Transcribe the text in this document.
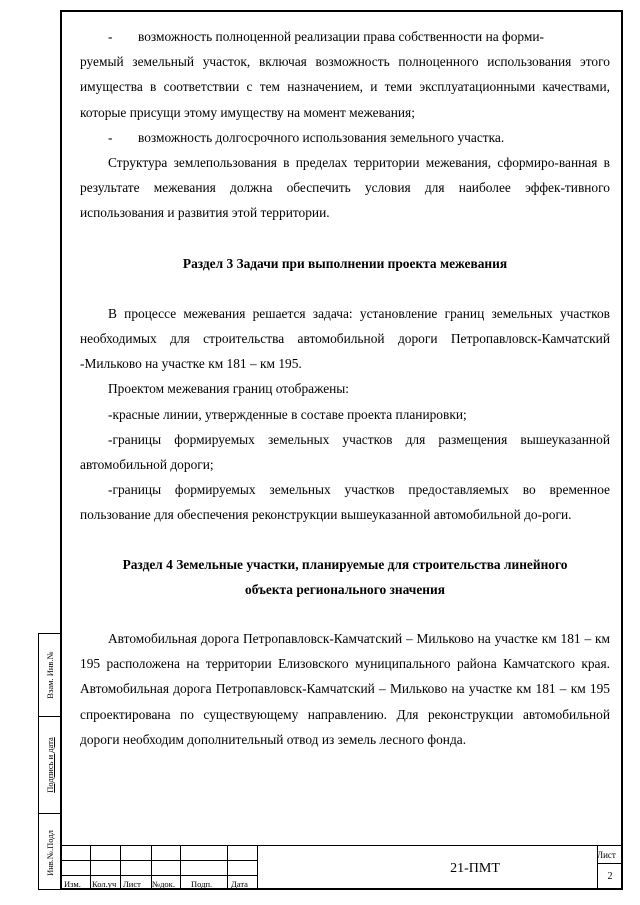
-	возможность полноценной реализации права собственности на форми-

руемый земельный участок, включая возможность полноценного использования этого имущества в соответствии с тем назначением, и теми эксплуатационными качествами, которые присущи этому имуществу на момент межевания;

-	возможность долгосрочного использования земельного участка.

Структура землепользования в пределах территории межевания, сформиро-ванная в результате межевания должна обеспечить условия для наиболее эффек-тивного использования и развития этой территории.

Раздел 3 Задачи при выполнении проекта межевания

В процессе межевания решается задача: установление границ земельных участков необходимых для строительства автомобильной дороги Петропавловск-Камчатский -Мильково на участке км 181 – км 195.

Проектом межевания границ отображены:

-красные линии, утвержденные в составе проекта планировки;

-границы формируемых земельных участков для размещения вышеуказанной автомобильной дороги;

-границы формируемых земельных участков предоставляемых во временное пользование для обеспечения реконструкции вышеуказанной автомобильной до-роги.

Раздел 4 Земельные участки, планируемые для строительства линейного

объекта регионального значения

Автомобильная дорога Петропавловск-Камчатский – Мильково на участке км 181 – км 195 расположена на территории Елизовского муниципального района Камчатского края. Автомобильная дорога Петропавловск-Камчатский – Мильково на участке км 181 – км 195 спроектирована по существующему направлению. Для реконструкции автомобильной дороги необходим дополнительный отвод из земель лесного фонда.

Взам. Инв.№
Подпись и дата
Инв.№.Подл
Изм. Кол.уч Лист №док. Подп. Дата
21-ПМТ
Лист
2
